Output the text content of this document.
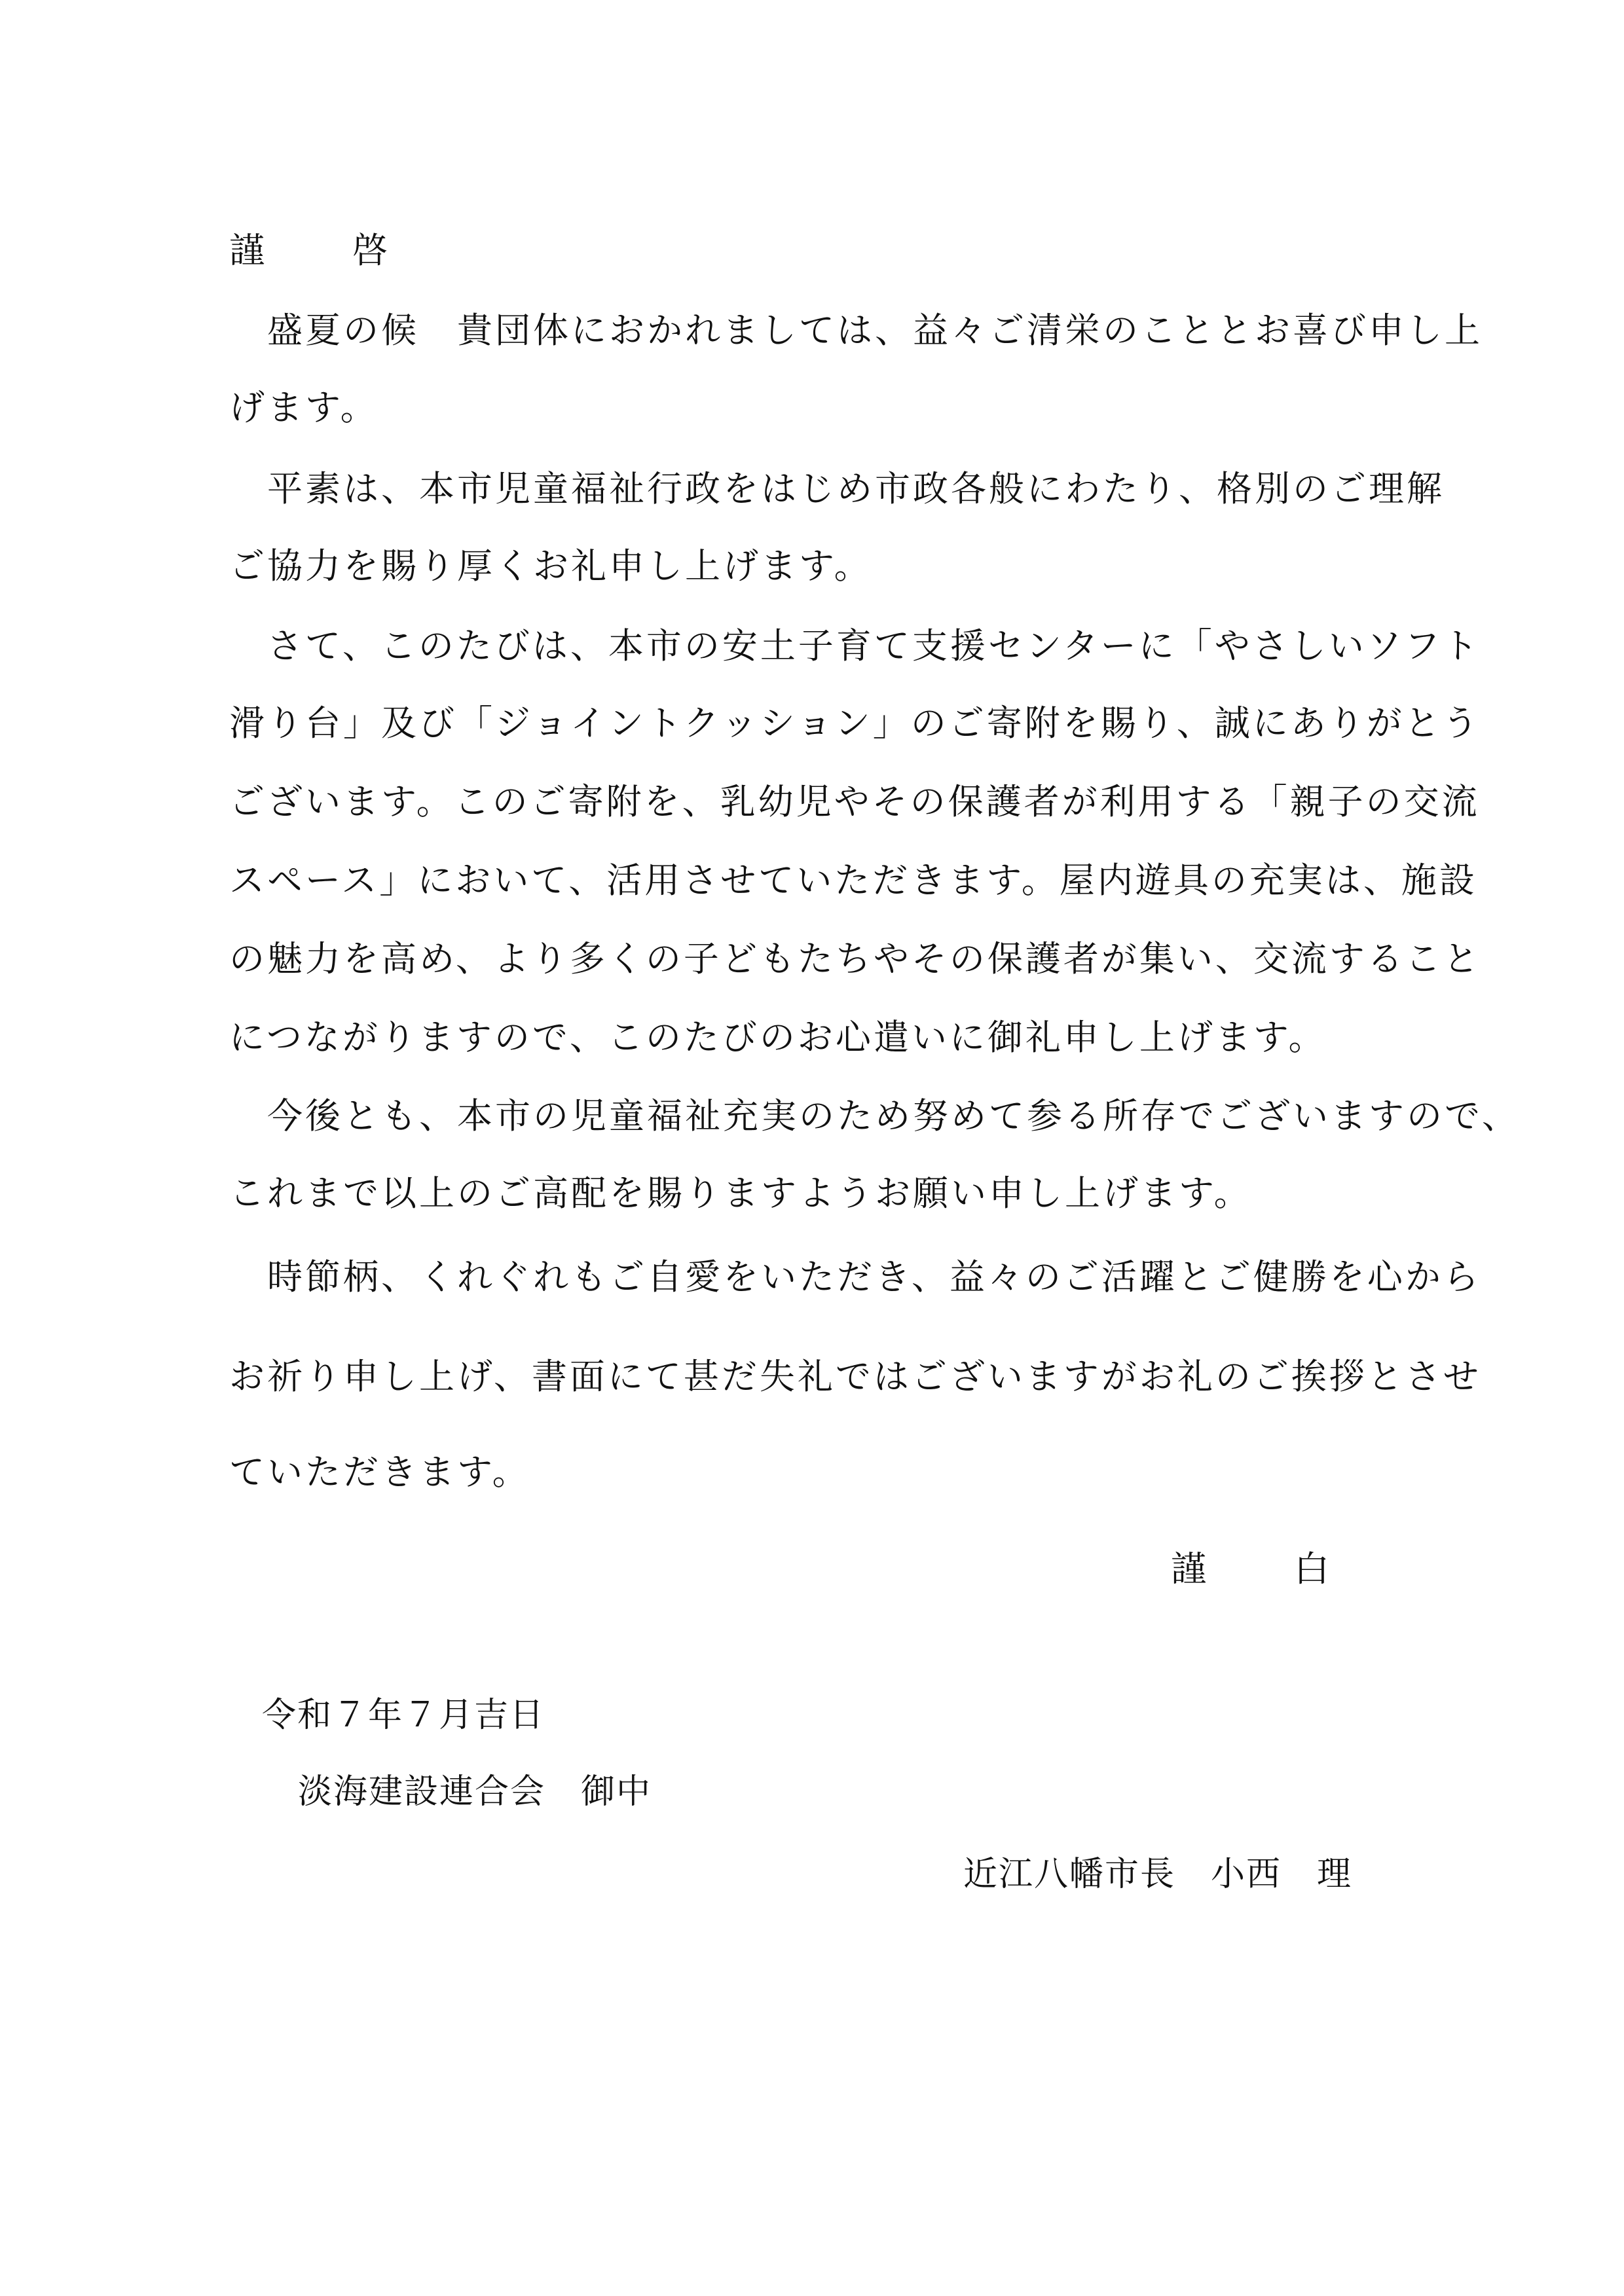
謹　啓
　盛夏の候　貴団体におかれましては、益々ご清栄のこととお喜び申し上
げます。
　平素は、本市児童福祉行政をはじめ市政各般にわたり、格別のご理解
ご協力を賜り厚くお礼申し上げます。
　さて、このたびは、本市の安土子育て支援センターに「やさしいソフト
滑り台」及び「ジョイントクッション」のご寄附を賜り、誠にありがとう
ございます。このご寄附を、乳幼児やその保護者が利用する「親子の交流
スペース」において、活用させていただきます。屋内遊具の充実は、施設
の魅力を高め、より多くの子どもたちやその保護者が集い、交流すること
につながりますので、このたびのお心遣いに御礼申し上げます。
　今後とも、本市の児童福祉充実のため努めて参る所存でございますので、
これまで以上のご高配を賜りますようお願い申し上げます。
　時節柄、くれぐれもご自愛をいただき、益々のご活躍とご健勝を心から
お祈り申し上げ、書面にて甚だ失礼ではございますがお礼のご挨拶とさせ
ていただきます。
謹　白
令和７年７月吉日
淡海建設連合会　御中
近江八幡市長　小西　理
